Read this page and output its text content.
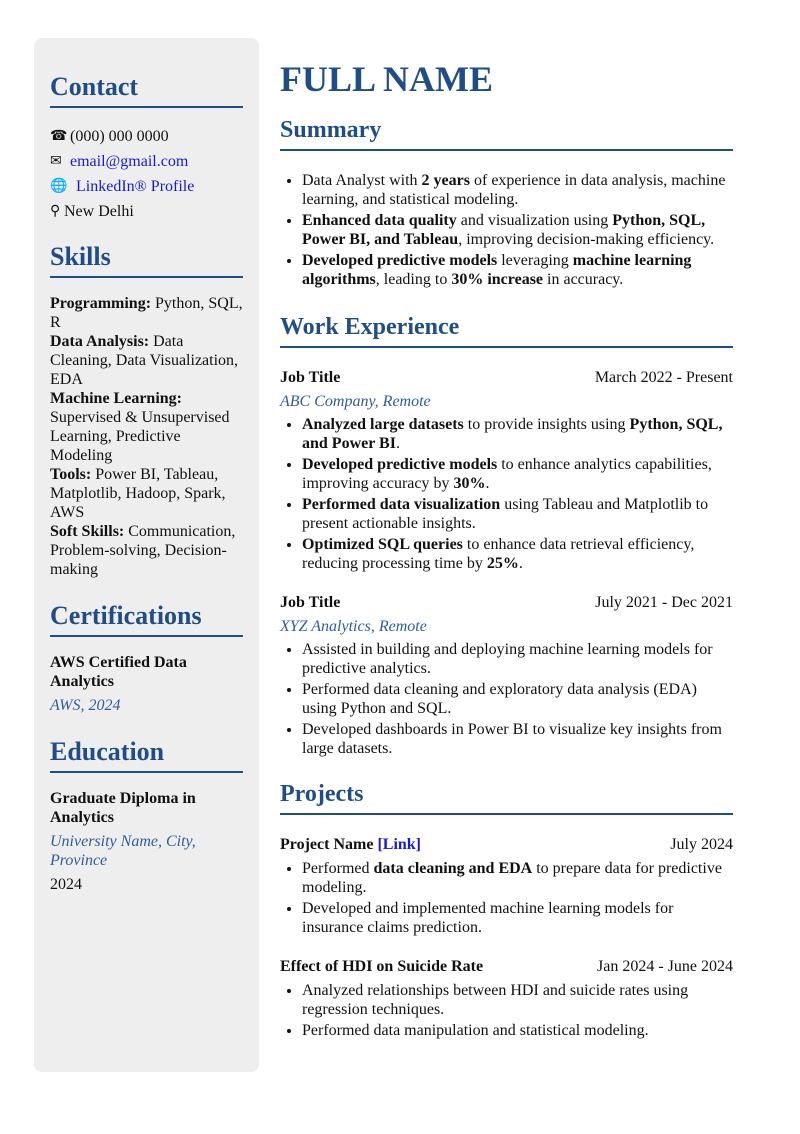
Contact
☎ (000) 000 0000
✉ email@gmail.com
🌐 LinkedIn® Profile
⚲ New Delhi
Skills
Programming: Python, SQL, R
Data Analysis: Data Cleaning, Data Visualization, EDA
Machine Learning: Supervised & Unsupervised Learning, Predictive Modeling
Tools: Power BI, Tableau, Matplotlib, Hadoop, Spark, AWS
Soft Skills: Communication, Problem-solving, Decision-making
Certifications
AWS Certified Data Analytics
AWS, 2024
Education
Graduate Diploma in Analytics
University Name, City, Province
2024
FULL NAME
Summary
• Data Analyst with 2 years of experience in data analysis, machine learning, and statistical modeling.
• Enhanced data quality and visualization using Python, SQL, Power BI, and Tableau, improving decision-making efficiency.
• Developed predictive models leveraging machine learning algorithms, leading to 30% increase in accuracy.
Work Experience
Job Title	March 2022 - Present
ABC Company, Remote
• Analyzed large datasets to provide insights using Python, SQL, and Power BI.
• Developed predictive models to enhance analytics capabilities, improving accuracy by 30%.
• Performed data visualization using Tableau and Matplotlib to present actionable insights.
• Optimized SQL queries to enhance data retrieval efficiency, reducing processing time by 25%.
Job Title	July 2021 - Dec 2021
XYZ Analytics, Remote
• Assisted in building and deploying machine learning models for predictive analytics.
• Performed data cleaning and exploratory data analysis (EDA) using Python and SQL.
• Developed dashboards in Power BI to visualize key insights from large datasets.
Projects
Project Name [Link]	July 2024
• Performed data cleaning and EDA to prepare data for predictive modeling.
• Developed and implemented machine learning models for insurance claims prediction.
Effect of HDI on Suicide Rate	Jan 2024 - June 2024
• Analyzed relationships between HDI and suicide rates using regression techniques.
• Performed data manipulation and statistical modeling.
